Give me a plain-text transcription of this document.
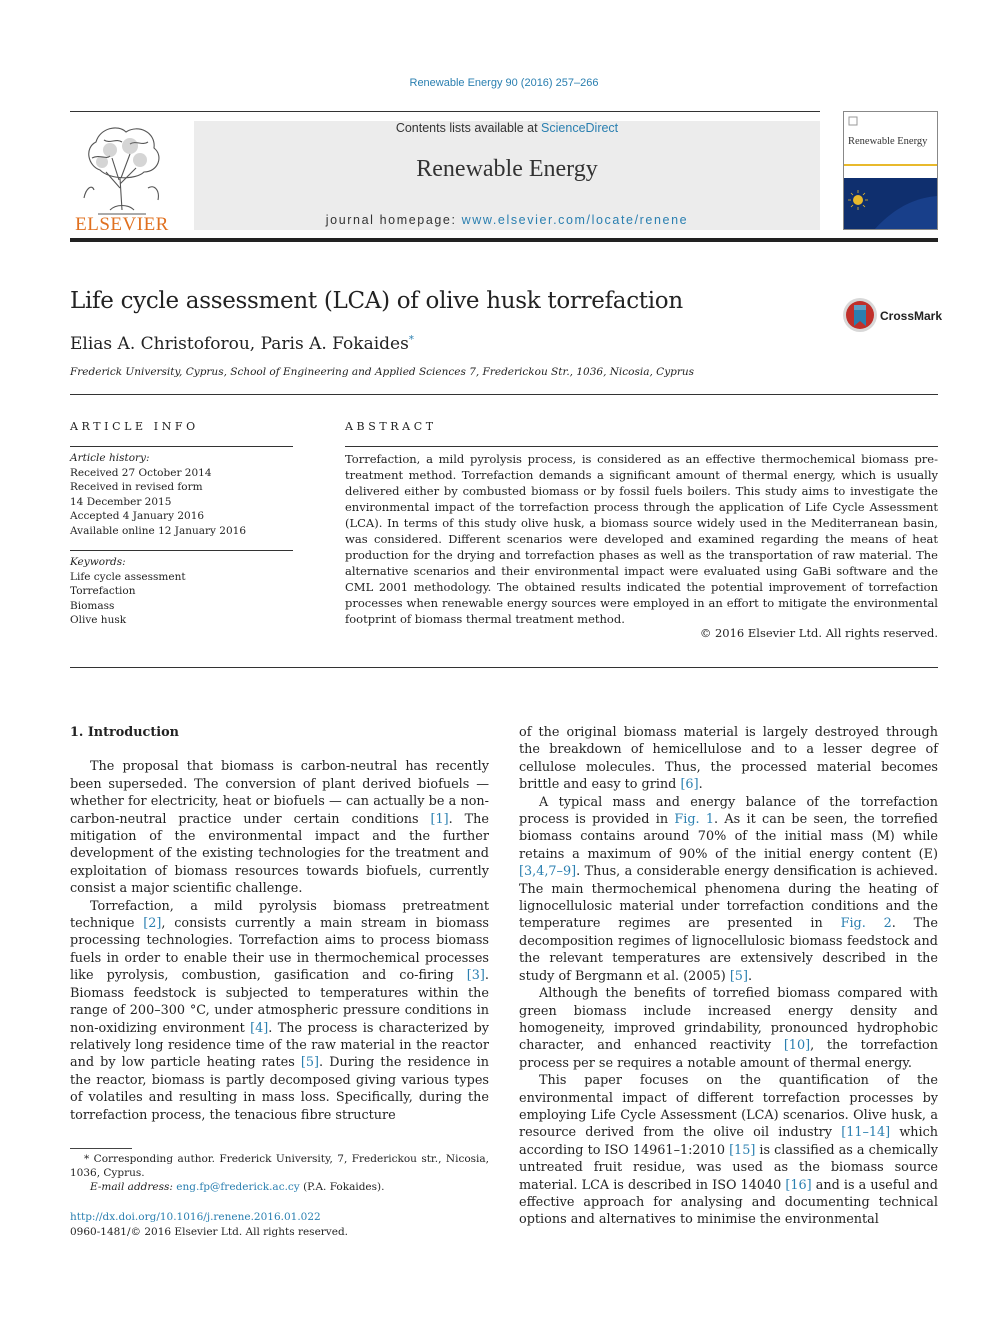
Renewable Energy 90 (2016) 257–266
ELSEVIER
Contents lists available at ScienceDirect
Renewable Energy
journal homepage: www.elsevier.com/locate/renene
Renewable Energy
Life cycle assessment (LCA) of olive husk torrefaction
CrossMark
Elias A. Christoforou, Paris A. Fokaides*
Frederick University, Cyprus, School of Engineering and Applied Sciences 7, Frederickou Str., 1036, Nicosia, Cyprus
ARTICLE INFO
Article history:
Received 27 October 2014
Received in revised form
14 December 2015
Accepted 4 January 2016
Available online 12 January 2016
Keywords:
Life cycle assessment
Torrefaction
Biomass
Olive husk
ABSTRACT
Torrefaction, a mild pyrolysis process, is considered as an effective thermochemical biomass pre-treatment method. Torrefaction demands a significant amount of thermal energy, which is usually delivered either by combusted biomass or by fossil fuels boilers. This study aims to investigate the environmental impact of the torrefaction process through the application of Life Cycle Assessment (LCA). In terms of this study olive husk, a biomass source widely used in the Mediterranean basin, was considered. Different scenarios were developed and examined regarding the means of heat production for the drying and torrefaction phases as well as the transportation of raw material. The alternative scenarios and their environmental impact were evaluated using GaBi software and the CML 2001 methodology. The obtained results indicated the potential improvement of torrefaction processes when renewable energy sources were employed in an effort to mitigate the environmental footprint of biomass thermal treatment method.
© 2016 Elsevier Ltd. All rights reserved.
1. Introduction

The proposal that biomass is carbon-neutral has recently been superseded. The conversion of plant derived biofuels — whether for electricity, heat or biofuels — can actually be a non-carbon-neutral practice under certain conditions [1]. The mitigation of the environmental impact and the further development of the existing technologies for the treatment and exploitation of biomass resources towards biofuels, currently consist a major scientific challenge.

Torrefaction, a mild pyrolysis biomass pretreatment technique [2], consists currently a main stream in biomass processing technologies. Torrefaction aims to process biomass fuels in order to enable their use in thermochemical processes like pyrolysis, combustion, gasification and co-firing [3]. Biomass feedstock is subjected to temperatures within the range of 200–300 °C, under atmospheric pressure conditions in non-oxidizing environment [4]. The process is characterized by relatively long residence time of the raw material in the reactor and by low particle heating rates [5]. During the residence in the reactor, biomass is partly decomposed giving various types of volatiles and resulting in mass loss. Specifically, during the torrefaction process, the tenacious fibre structure

of the original biomass material is largely destroyed through the breakdown of hemicellulose and to a lesser degree of cellulose molecules. Thus, the processed material becomes brittle and easy to grind [6].

A typical mass and energy balance of the torrefaction process is provided in Fig. 1. As it can be seen, the torrefied biomass contains around 70% of the initial mass (M) while retains a maximum of 90% of the initial energy content (E) [3,4,7–9]. Thus, a considerable energy densification is achieved. The main thermochemical phenomena during the heating of lignocellulosic material under torrefaction conditions and the temperature regimes are presented in Fig. 2. The decomposition regimes of lignocellulosic biomass feedstock and the relevant temperatures are extensively described in the study of Bergmann et al. (2005) [5].

Although the benefits of torrefied biomass compared with green biomass include increased energy density and homogeneity, improved grindability, pronounced hydrophobic character, and enhanced reactivity [10], the torrefaction process per se requires a notable amount of thermal energy.

This paper focuses on the quantification of the environmental impact of different torrefaction processes by employing Life Cycle Assessment (LCA) scenarios. Olive husk, a resource derived from the olive oil industry [11–14] which according to ISO 14961–1:2010 [15] is classified as a chemically untreated fruit residue, was used as the biomass source material. LCA is described in ISO 14040 [16] and is a useful and effective approach for analysing and documenting technical options and alternatives to minimise the environmental

* Corresponding author. Frederick University, 7, Frederickou str., Nicosia, 1036, Cyprus.
E-mail address: eng.fp@frederick.ac.cy (P.A. Fokaides).
http://dx.doi.org/10.1016/j.renene.2016.01.022
0960-1481/© 2016 Elsevier Ltd. All rights reserved.
